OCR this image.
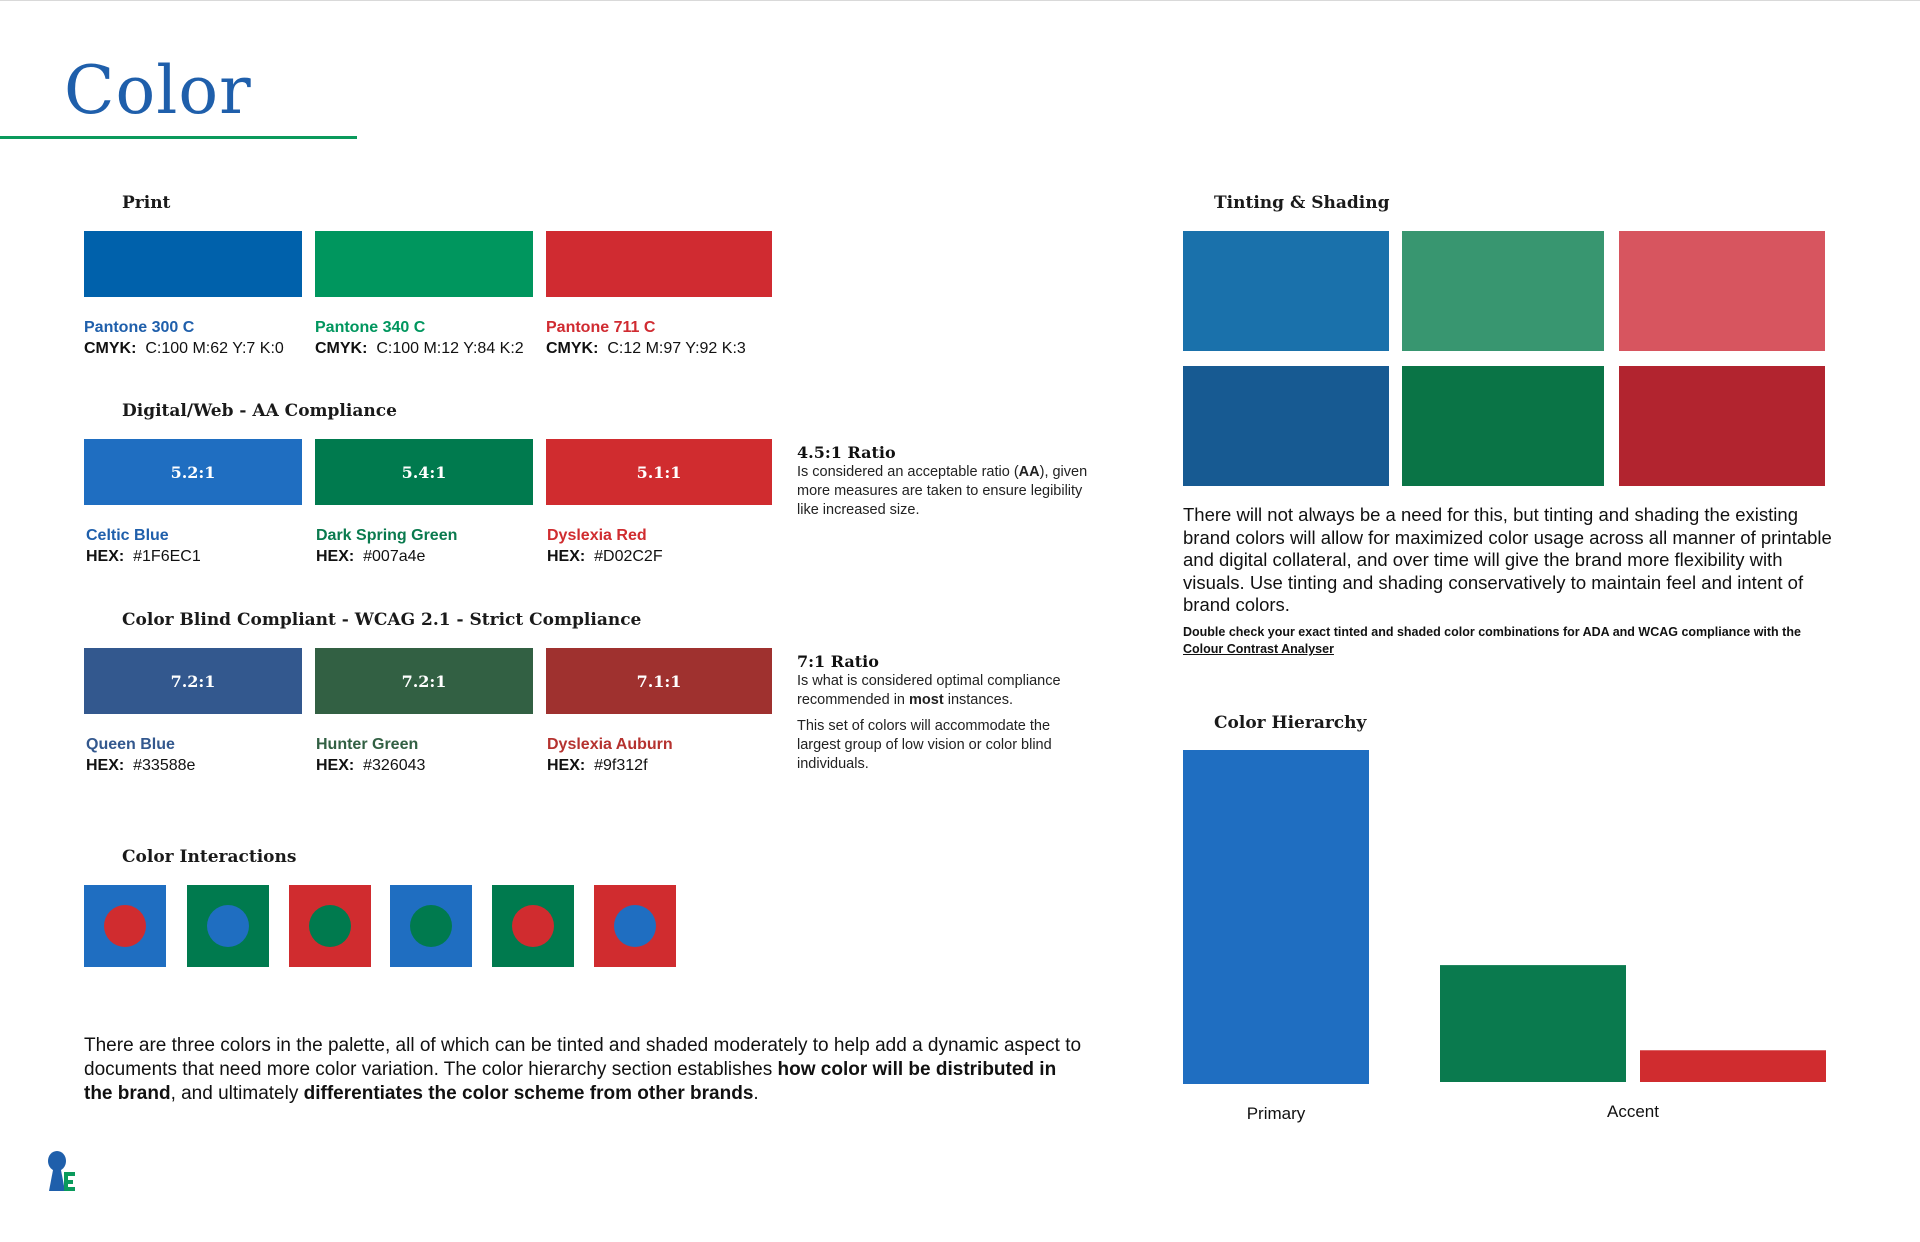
Color
Print
Pantone 300 C
CMYK: C:100 M:62 Y:7 K:0
Pantone 340 C
CMYK: C:100 M:12 Y:84 K:2
Pantone 711 C
CMYK: C:12 M:97 Y:92 K:3
Digital/Web - AA Compliance
5.2:1	5.4:1	5.1:1
Celtic Blue
HEX: #1F6EC1
Dark Spring Green
HEX: #007a4e
Dyslexia Red
HEX: #D02C2F
4.5:1 Ratio
Is considered an acceptable ratio (AA), given more measures are taken to ensure legibility like increased size.
Color Blind Compliant - WCAG 2.1 - Strict Compliance
7.2:1	7.2:1	7.1:1
Queen Blue
HEX: #33588e
Hunter Green
HEX: #326043
Dyslexia Auburn
HEX: #9f312f
7:1 Ratio
Is what is considered optimal compliance recommended in most instances.
This set of colors will accommodate the largest group of low vision or color blind individuals.
Color Interactions
There are three colors in the palette, all of which can be tinted and shaded moderately to help add a dynamic aspect to documents that need more color variation. The color hierarchy section establishes how color will be distributed in the brand, and ultimately differentiates the color scheme from other brands.
Tinting & Shading
There will not always be a need for this, but tinting and shading the existing brand colors will allow for maximized color usage across all manner of printable and digital collateral, and over time will give the brand more flexibility with visuals. Use tinting and shading conservatively to maintain feel and intent of brand colors.
Double check your exact tinted and shaded color combinations for ADA and WCAG compliance with the Colour Contrast Analyser
Color Hierarchy
Primary	Accent
